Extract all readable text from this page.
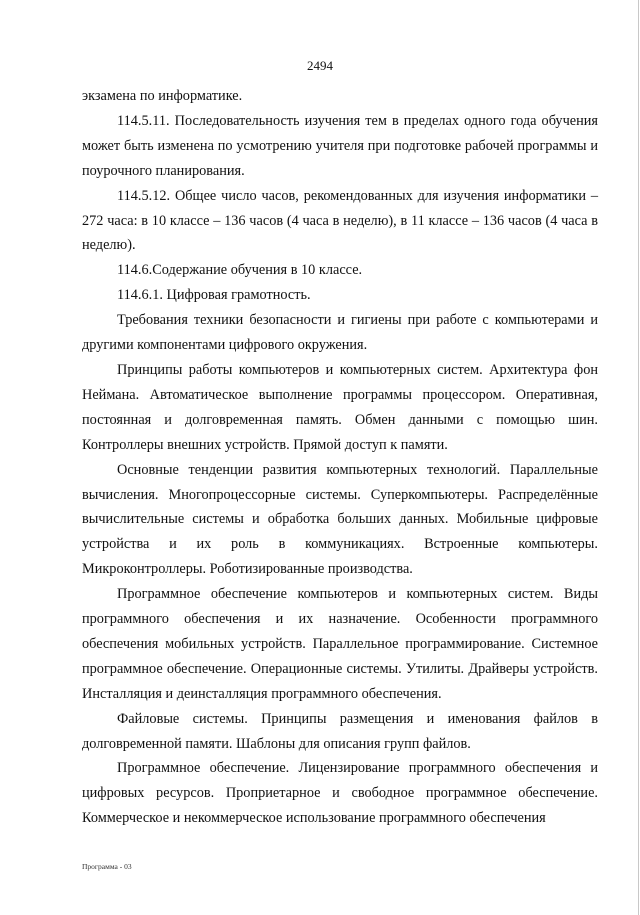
2494

экзамена по информатике.

114.5.11. Последовательность изучения тем в пределах одного года обучения может быть изменена по усмотрению учителя при подготовке рабочей программы и поурочного планирования.

114.5.12. Общее число часов, рекомендованных для изучения информатики – 272 часа: в 10 классе – 136 часов (4 часа в неделю), в 11 классе – 136 часов (4 часа в неделю).

114.6.Содержание обучения в 10 классе.

114.6.1. Цифровая грамотность.

Требования техники безопасности и гигиены при работе с компьютерами и другими компонентами цифрового окружения.

Принципы работы компьютеров и компьютерных систем. Архитектура фон Неймана. Автоматическое выполнение программы процессором. Оперативная, постоянная и долговременная память. Обмен данными с помощью шин. Контроллеры внешних устройств. Прямой доступ к памяти.

Основные тенденции развития компьютерных технологий. Параллельные вычисления. Многопроцессорные системы. Суперкомпьютеры. Распределённые вычислительные системы и обработка больших данных. Мобильные цифровые устройства и их роль в коммуникациях. Встроенные компьютеры. Микроконтроллеры. Роботизированные производства.

Программное обеспечение компьютеров и компьютерных систем. Виды программного обеспечения и их назначение. Особенности программного обеспечения мобильных устройств. Параллельное программирование. Системное программное обеспечение. Операционные системы. Утилиты. Драйверы устройств. Инсталляция и деинсталляция программного обеспечения.

Файловые системы. Принципы размещения и именования файлов в долговременной памяти. Шаблоны для описания групп файлов.

Программное обеспечение. Лицензирование программного обеспечения и цифровых ресурсов. Проприетарное и свободное программное обеспечение. Коммерческое и некоммерческое использование программного обеспечения

Программа - 03
